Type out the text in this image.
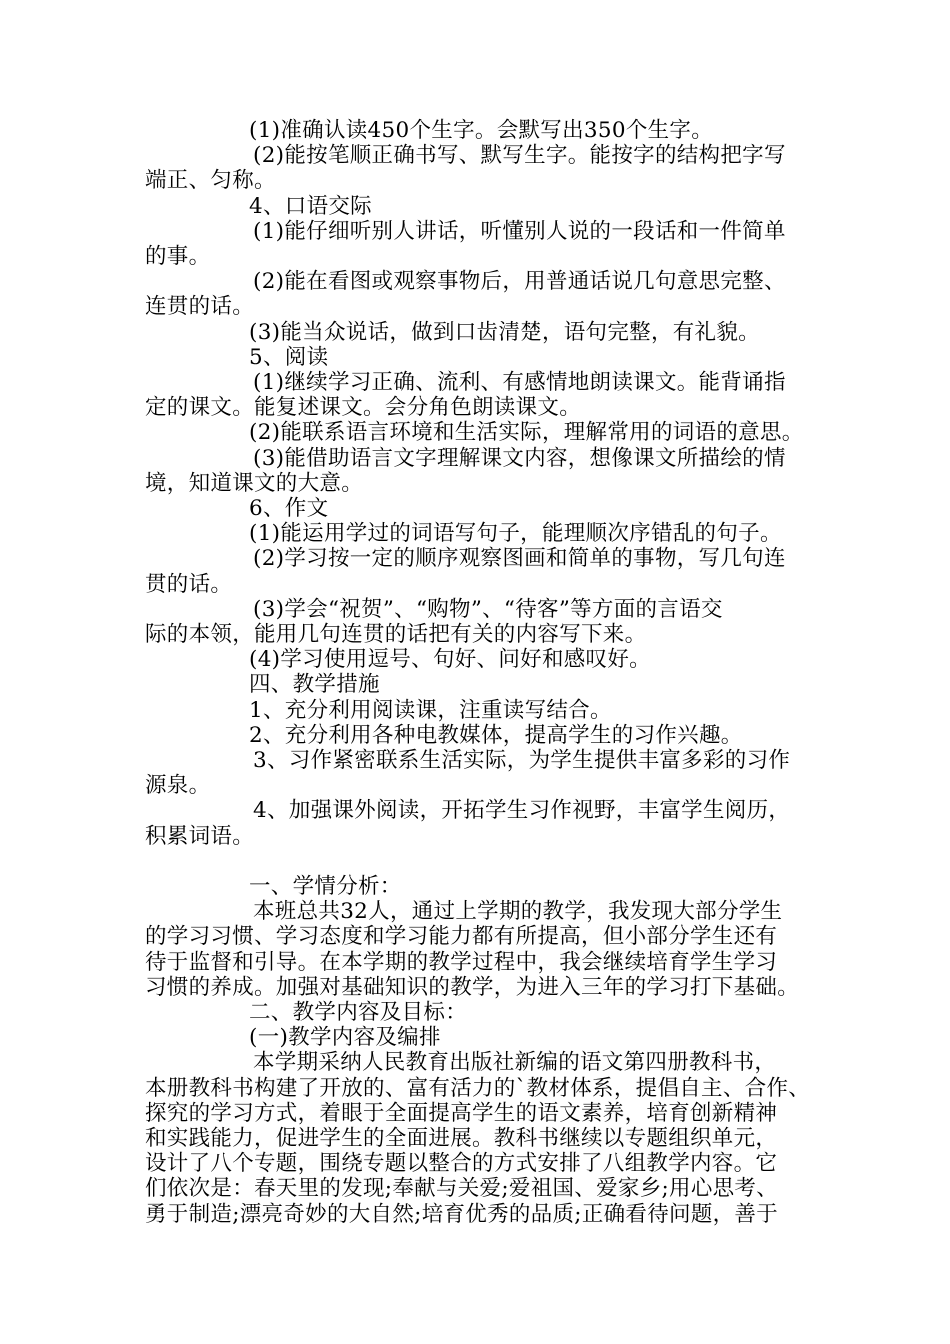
(1)准确认读450个生字。会默写出350个生字。

(2)能按笔顺正确书写、默写生字。能按字的结构把字写

端正、匀称。

4、口语交际

(1)能仔细听别人讲话，听懂别人说的一段话和一件简单

的事。

(2)能在看图或观察事物后，用普通话说几句意思完整、

连贯的话。

(3)能当众说话，做到口齿清楚，语句完整，有礼貌。

5、阅读

(1)继续学习正确、流利、有感情地朗读课文。能背诵指

定的课文。能复述课文。会分角色朗读课文。

(2)能联系语言环境和生活实际，理解常用的词语的意思。

(3)能借助语言文字理解课文内容，想像课文所描绘的情

境，知道课文的大意。

6、作文

(1)能运用学过的词语写句子，能理顺次序错乱的句子。

(2)学习按一定的顺序观察图画和简单的事物，写几句连

贯的话。

(3)学会“祝贺”、“购物”、“待客”等方面的言语交

际的本领，能用几句连贯的话把有关的内容写下来。

(4)学习使用逗号、句好、问好和感叹好。

四、教学措施

1、充分利用阅读课，注重读写结合。

2、充分利用各种电教媒体，提高学生的习作兴趣。

3、习作紧密联系生活实际，为学生提供丰富多彩的习作

源泉。

4、加强课外阅读，开拓学生习作视野，丰富学生阅历，

积累词语。

一、学情分析：

本班总共32人，通过上学期的教学，我发现大部分学生

的学习习惯、学习态度和学习能力都有所提高，但小部分学生还有

待于监督和引导。在本学期的教学过程中，我会继续培育学生学习

习惯的养成。加强对基础知识的教学，为进入三年的学习打下基础。

二、教学内容及目标：

(一)教学内容及编排

本学期采纳人民教育出版社新编的语文第四册教科书，

本册教科书构建了开放的、富有活力的`教材体系，提倡自主、合作、

探究的学习方式，着眼于全面提高学生的语文素养，培育创新精神

和实践能力，促进学生的全面进展。教科书继续以专题组织单元，

设计了八个专题，围绕专题以整合的方式安排了八组教学内容。它

们依次是：春天里的发现;奉献与关爱;爱祖国、爱家乡;用心思考、

勇于制造;漂亮奇妙的大自然;培育优秀的品质;正确看待问题，善于
